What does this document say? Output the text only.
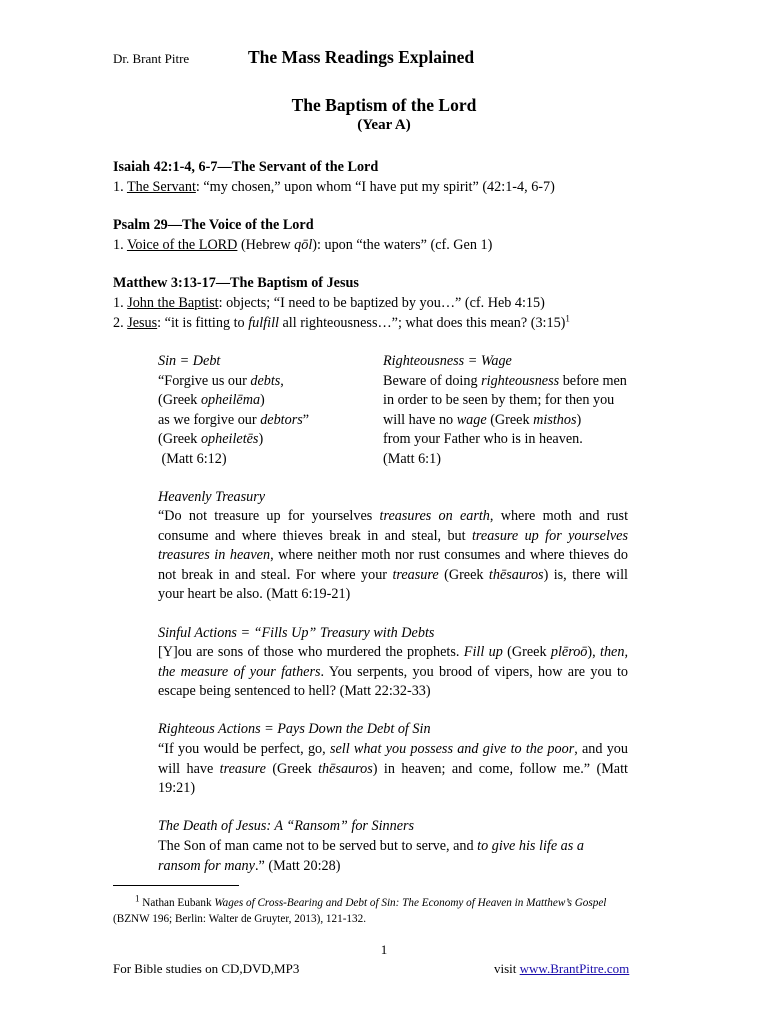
Dr. Brant Pitre	The Mass Readings Explained
The Baptism of the Lord
(Year A)
Isaiah 42:1-4, 6-7—The Servant of the Lord
1. The Servant: “my chosen,” upon whom “I have put my spirit” (42:1-4, 6-7)
Psalm 29—The Voice of the Lord
1. Voice of the LORD (Hebrew qōl): upon “the waters” (cf. Gen 1)
Matthew 3:13-17—The Baptism of Jesus
1. John the Baptist: objects; “I need to be baptized by you…” (cf. Heb 4:15)
2. Jesus: “it is fitting to fulfill all righteousness…”; what does this mean? (3:15)$^1$
Sin = Debt
“Forgive us our debts,
(Greek opheilēma)
as we forgive our debtors”
(Greek opheiletēs)
(Matt 6:12)
Righteousness = Wage
Beware of doing righteousness before men
in order to be seen by them; for then you
will have no wage (Greek misthos)
from your Father who is in heaven.
(Matt 6:1)
Heavenly Treasury
“Do not treasure up for yourselves treasures on earth, where moth and rust consume and where thieves break in and steal, but treasure up for yourselves treasures in heaven, where neither moth nor rust consumes and where thieves do not break in and steal. For where your treasure (Greek thēsauros) is, there will your heart be also. (Matt 6:19-21)
Sinful Actions = “Fills Up” Treasury with Debts
[Y]ou are sons of those who murdered the prophets. Fill up (Greek plēroō), then, the measure of your fathers. You serpents, you brood of vipers, how are you to escape being sentenced to hell? (Matt 22:32-33)
Righteous Actions = Pays Down the Debt of Sin
“If you would be perfect, go, sell what you possess and give to the poor, and you will have treasure (Greek thēsauros) in heaven; and come, follow me.” (Matt 19:21)
The Death of Jesus: A “Ransom” for Sinners
The Son of man came not to be served but to serve, and to give his life as a ransom for many.” (Matt 20:28)
$^1$ Nathan Eubank Wages of Cross-Bearing and Debt of Sin: The Economy of Heaven in Matthew’s Gospel (BZNW 196; Berlin: Walter de Gruyter, 2013), 121-132.
1
For Bible studies on CD,DVD,MP3	visit www.BrantPitre.com
